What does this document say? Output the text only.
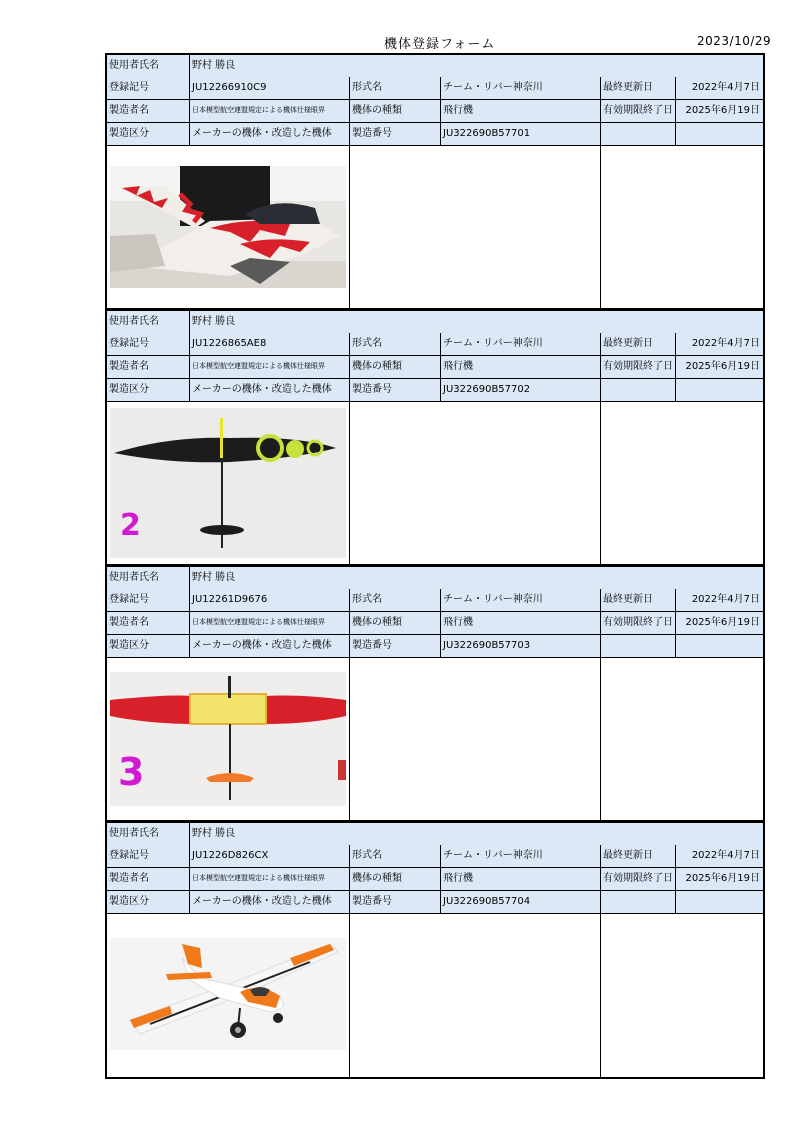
機体登録フォーム	2023/10/29
使用者氏名	野村 勝良
登録記号	JU12266910C9	形式名	チーム・リバー神奈川	最終更新日	2022年4月7日
製造者名	日本模型航空連盟規定による機体仕様眼界	機体の種類	飛行機	有効期限終了日	2025年6月19日
製造区分	メーカーの機体・改造した機体	製造番号	JU322690B57701
使用者氏名	野村 勝良
登録記号	JU1226865AE8	形式名	チーム・リバー神奈川	最終更新日	2022年4月7日
製造者名	日本模型航空連盟規定による機体仕様眼界	機体の種類	飛行機	有効期限終了日	2025年6月19日
製造区分	メーカーの機体・改造した機体	製造番号	JU322690B57702
2
使用者氏名	野村 勝良
登録記号	JU12261D9676	形式名	チーム・リバー神奈川	最終更新日	2022年4月7日
製造者名	日本模型航空連盟規定による機体仕様眼界	機体の種類	飛行機	有効期限終了日	2025年6月19日
製造区分	メーカーの機体・改造した機体	製造番号	JU322690B57703
3
使用者氏名	野村 勝良
登録記号	JU1226D826CX	形式名	チーム・リバー神奈川	最終更新日	2022年4月7日
製造者名	日本模型航空連盟規定による機体仕様眼界	機体の種類	飛行機	有効期限終了日	2025年6月19日
製造区分	メーカーの機体・改造した機体	製造番号	JU322690B57704
